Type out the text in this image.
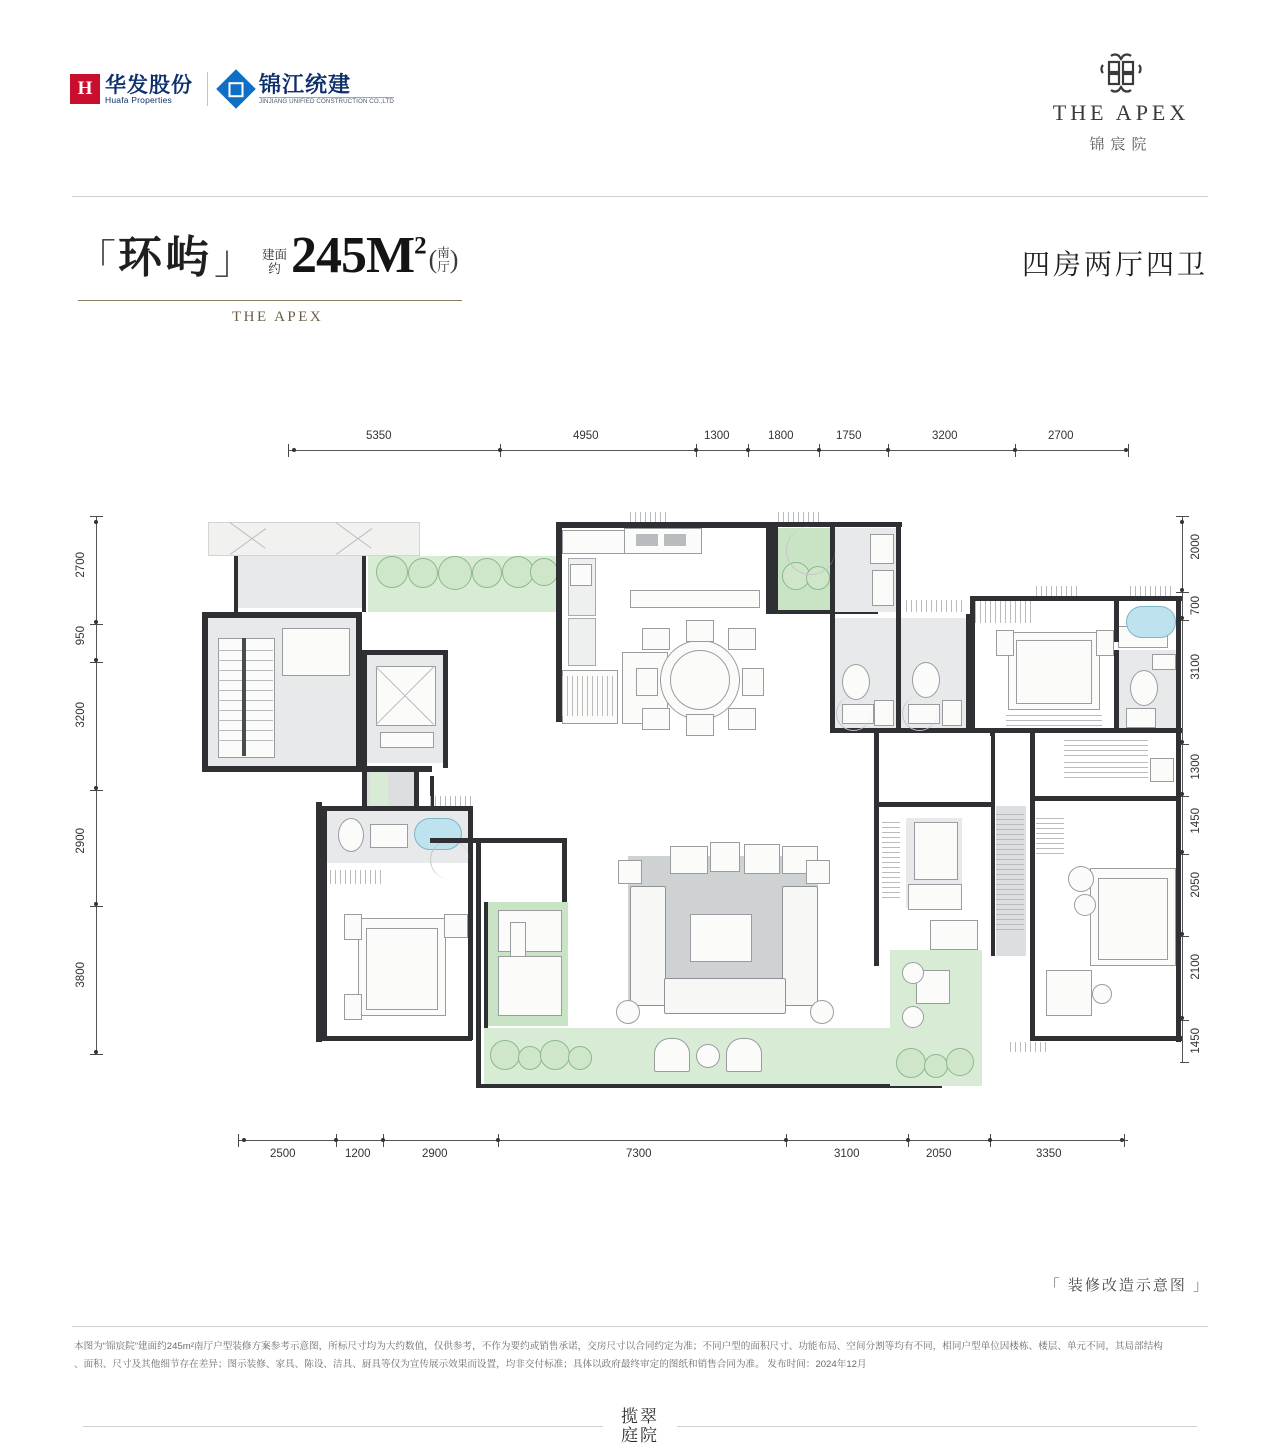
H 华发股份
Huafa Properties
锦江统建
JINJIANG UNIFIED CONSTRUCTION CO.,LTD	THE APEX
锦宸院
「 环屿 」 建面
约 $245M^2$ ( 南
厅 )
THE APEX
四房两厅四卫
5350	4950	1300	1800	1750	3200	2700
2700
950
3200
2900
3800
2000
700
3100
1300
1450
2050
2100
1450
2500	1200	2900	7300	3100	2050	3350
「 装修改造示意图 」
本图为“锦宸院”建面约245m²南厅户型装修方案参考示意图，所标尺寸均为大约数值，仅供参考，不作为要约或销售承诺，交房尺寸以合同约定为准；不同户型的面积尺寸、功能布局、空间分割等均有不同，相同户型单位因楼栋、楼层、单元不同，其局部结构
、面积、尺寸及其他细节存在差异；图示装修、家具、陈设、洁具、厨具等仅为宣传展示效果而设置，均非交付标准；具体以政府最终审定的图纸和销售合同为准。 发布时间：2024年12月
揽翠
庭院
